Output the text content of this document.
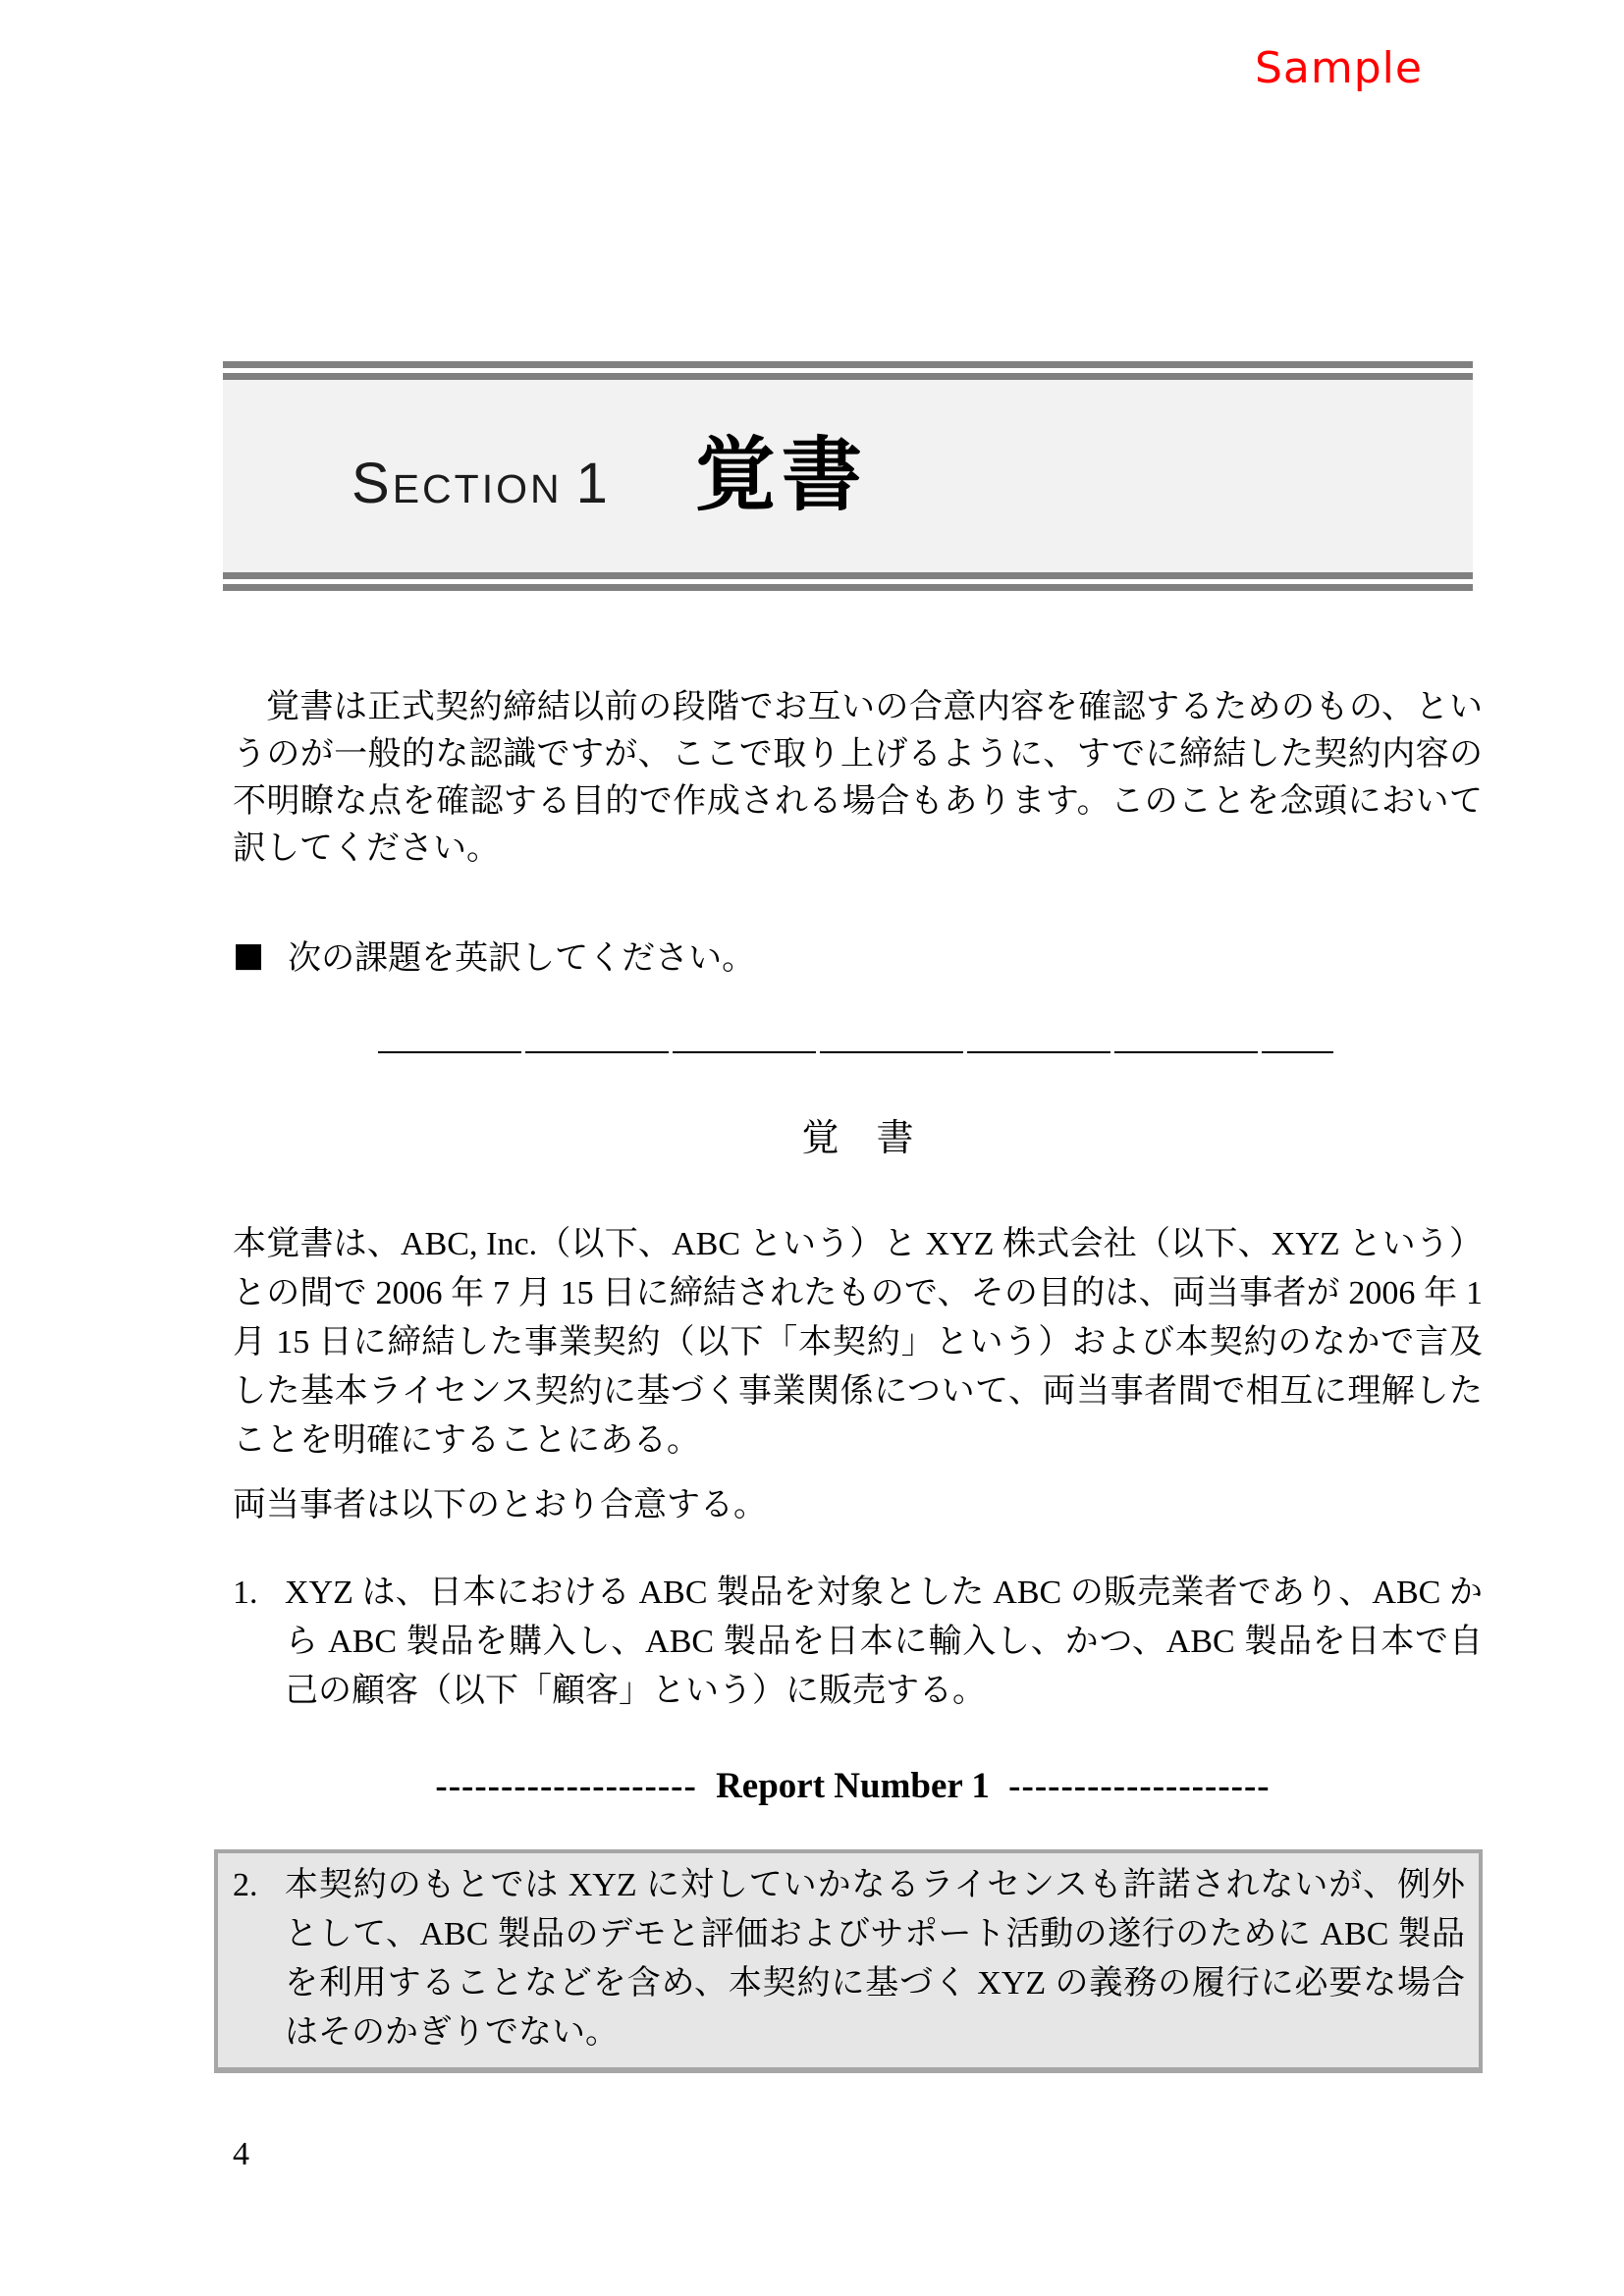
Sample
SECTION 1 覚書

覚書は正式契約締結以前の段階でお互いの合意内容を確認するためのもの、というのが一般的な認識ですが、ここで取り上げるように、すでに締結した契約内容の不明瞭な点を確認する目的で作成される場合もあります。このことを念頭において訳してください。

■ 次の課題を英訳してください。
覚　書

本覚書は、ABC, Inc.（以下、ABC という）と XYZ 株式会社（以下、XYZ という）との間で 2006 年 7 月 15 日に締結されたもので、その目的は、両当事者が 2006 年 1 月 15 日に締結した事業契約（以下「本契約」という）および本契約のなかで言及した基本ライセンス契約に基づく事業関係について、両当事者間で相互に理解したことを明確にすることにある。

両当事者は以下のとおり合意する。
1. XYZ は、日本における ABC 製品を対象とした ABC の販売業者であり、ABC から ABC 製品を購入し、ABC 製品を日本に輸入し、かつ、ABC 製品を日本で自己の顧客（以下「顧客」という）に販売する。
-------------------- Report Number 1 --------------------
2. 本契約のもとでは XYZ に対していかなるライセンスも許諾されないが、例外として、ABC 製品のデモと評価およびサポート活動の遂行のために ABC 製品を利用することなどを含め、本契約に基づく XYZ の義務の履行に必要な場合はそのかぎりでない。
4
